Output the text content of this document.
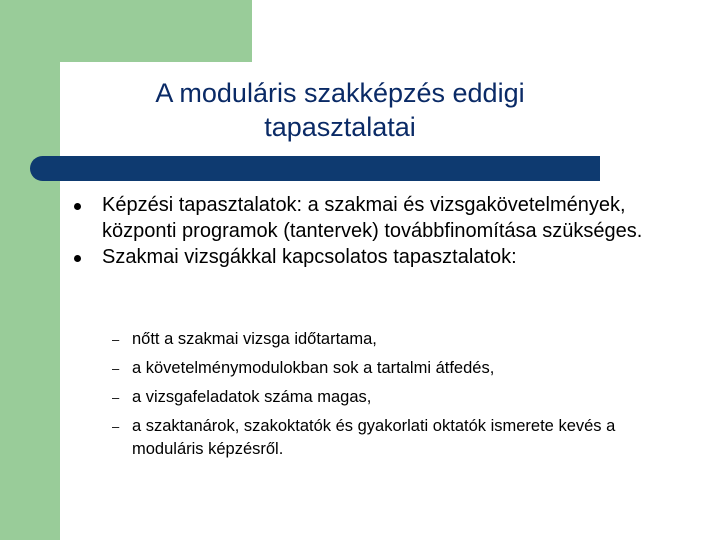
A moduláris szakképzés eddigi
tapasztalatai
Képzési tapasztalatok: a szakmai és vizsgakövetelmények, központi programok (tantervek) továbbfinomítása szükséges.
Szakmai vizsgákkal kapcsolatos tapasztalatok:
– nőtt a szakmai vizsga időtartama,
– a követelménymodulokban sok a tartalmi átfedés,
– a vizsgafeladatok száma magas,
– a szaktanárok, szakoktatók és gyakorlati oktatók ismerete kevés a moduláris képzésről.
